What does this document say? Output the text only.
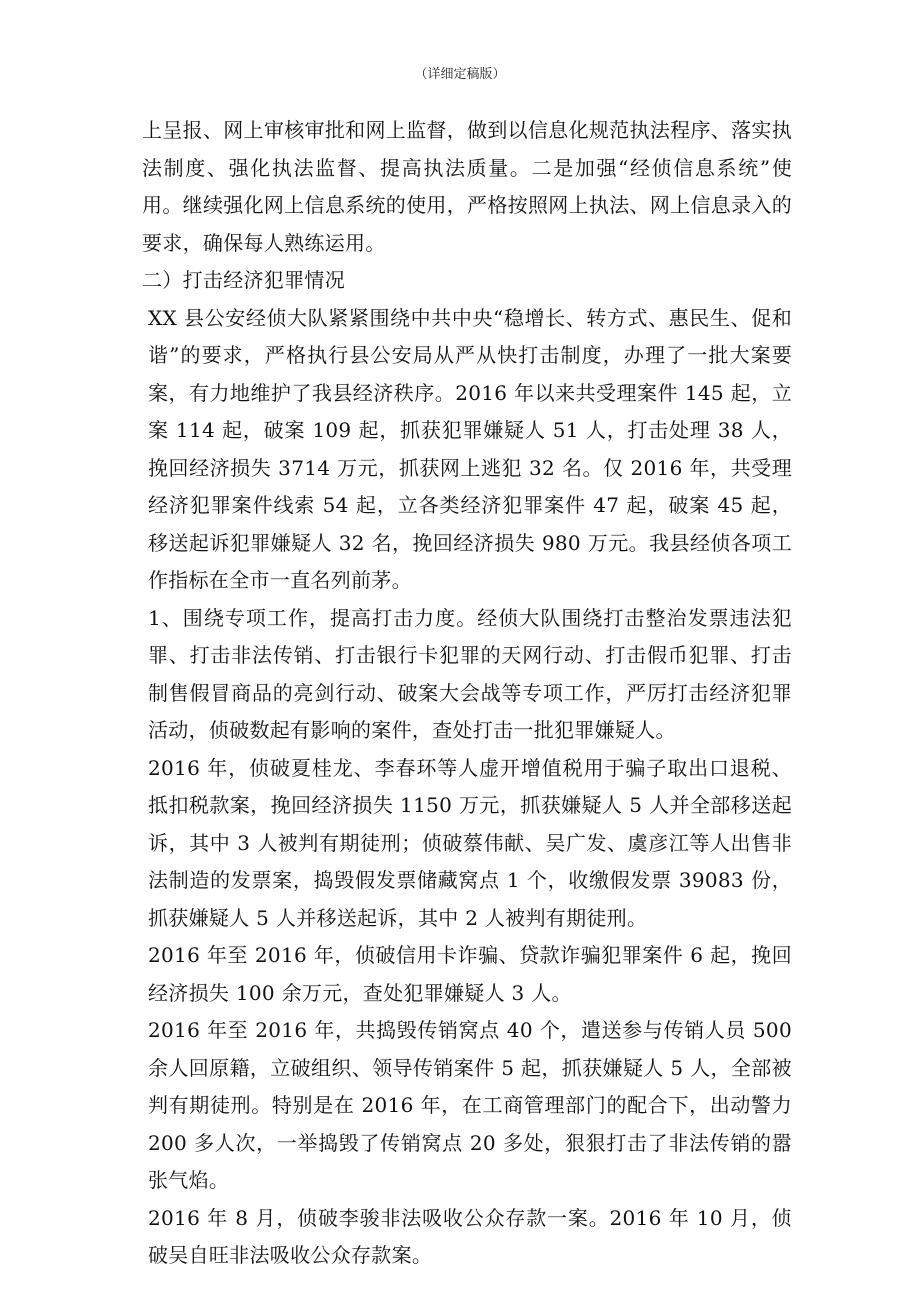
（详细定稿版）

上呈报、网上审核审批和网上监督，做到以信息化规范执法程序、落实执法制度、强化执法监督、提高执法质量。二是加强“经侦信息系统”使用。继续强化网上信息系统的使用，严格按照网上执法、网上信息录入的要求，确保每人熟练运用。

二）打击经济犯罪情况

XX 县公安经侦大队紧紧围绕中共中央“稳增长、转方式、惠民生、促和谐”的要求，严格执行县公安局从严从快打击制度，办理了一批大案要案，有力地维护了我县经济秩序。2016 年以来共受理案件 145 起，立案 114 起，破案 109 起，抓获犯罪嫌疑人 51 人，打击处理 38 人，挽回经济损失 3714 万元，抓获网上逃犯 32 名。仅 2016 年，共受理经济犯罪案件线索 54 起，立各类经济犯罪案件 47 起，破案 45 起，移送起诉犯罪嫌疑人 32 名，挽回经济损失 980 万元。我县经侦各项工作指标在全市一直名列前茅。

1、围绕专项工作，提高打击力度。经侦大队围绕打击整治发票违法犯罪、打击非法传销、打击银行卡犯罪的天网行动、打击假币犯罪、打击制售假冒商品的亮剑行动、破案大会战等专项工作，严厉打击经济犯罪活动，侦破数起有影响的案件，查处打击一批犯罪嫌疑人。

2016 年，侦破夏桂龙、李春环等人虚开增值税用于骗子取出口退税、抵扣税款案，挽回经济损失 1150 万元，抓获嫌疑人 5 人并全部移送起诉，其中 3 人被判有期徒刑；侦破蔡伟献、吴广发、虞彦江等人出售非法制造的发票案，捣毁假发票储藏窝点 1 个，收缴假发票 39083 份，抓获嫌疑人 5 人并移送起诉，其中 2 人被判有期徒刑。

2016 年至 2016 年，侦破信用卡诈骗、贷款诈骗犯罪案件 6 起，挽回经济损失 100 余万元，查处犯罪嫌疑人 3 人。

2016 年至 2016 年，共捣毁传销窝点 40 个，遣送参与传销人员 500 余人回原籍，立破组织、领导传销案件 5 起，抓获嫌疑人 5 人，全部被判有期徒刑。特别是在 2016 年，在工商管理部门的配合下，出动警力 200 多人次，一举捣毁了传销窝点 20 多处，狠狠打击了非法传销的嚣张气焰。

2016 年 8 月，侦破李骏非法吸收公众存款一案。2016 年 10 月，侦破吴自旺非法吸收公众存款案。
